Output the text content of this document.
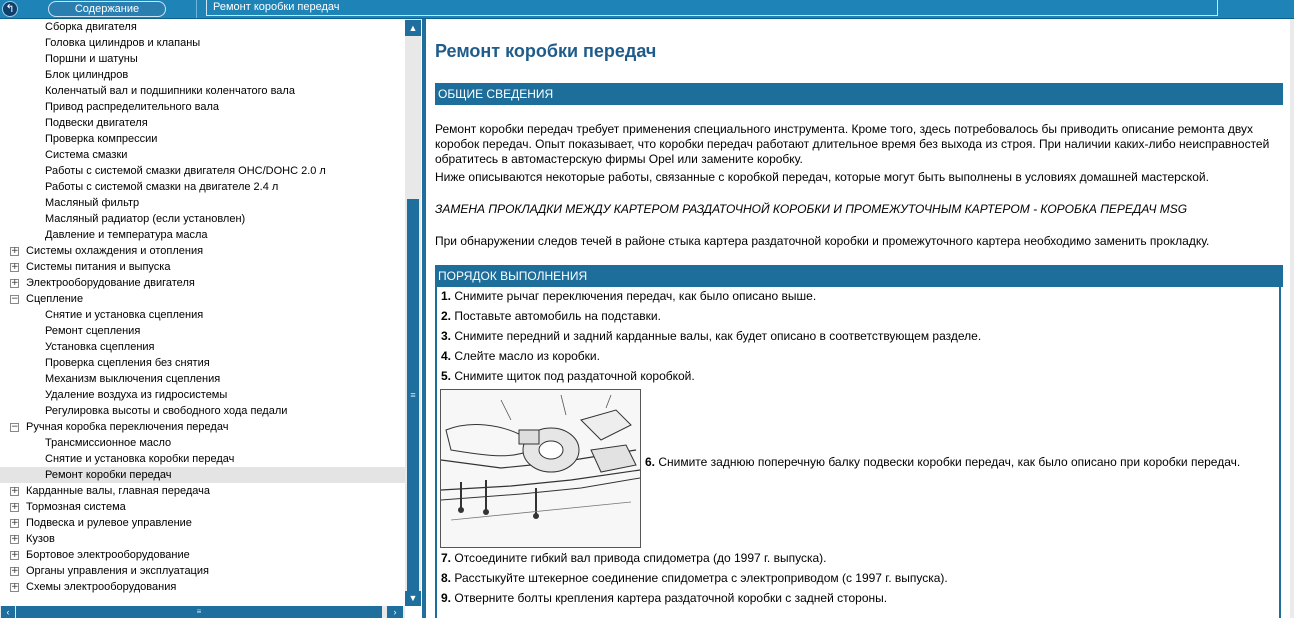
↰	Содержание	Ремонт коробки передач
Сборка двигателя
Головка цилиндров и клапаны
Поршни и шатуны
Блок цилиндров
Коленчатый вал и подшипники коленчатого вала
Привод распределительного вала
Подвески двигателя
Проверка компрессии
Система смазки
Работы с системой смазки двигателя OHC/DOHC 2.0 л
Работы с системой смазки на двигателе 2.4 л
Масляный фильтр
Масляный радиатор (если установлен)
Давление и температура масла
+ Системы охлаждения и отопления
+ Системы питания и выпуска
+ Электрооборудование двигателя
− Сцепление
Снятие и установка сцепления
Ремонт сцепления
Установка сцепления
Проверка сцепления без снятия
Механизм выключения сцепления
Удаление воздуха из гидросистемы
Регулировка высоты и свободного хода педали
− Ручная коробка переключения передач
Трансмиссионное масло
Снятие и установка коробки передач
Ремонт коробки передач
+ Карданные валы, главная передача
+ Тормозная система
+ Подвеска и рулевое управление
+ Кузов
+ Бортовое электрооборудование
+ Органы управления и эксплуатация
+ Схемы электрооборудования
▲
≡
▼
‹	≡	›
Ремонт коробки передач
ОБЩИЕ СВЕДЕНИЯ
Ремонт коробки передач требует применения специального инструмента. Кроме того, здесь потребовалось бы приводить описание ремонта двух коробок передач. Опыт показывает, что коробки передач работают длительное время без выхода из строя. При наличии каких-либо неисправностей обратитесь в автомастерскую фирмы Opel или замените коробку.
Ниже описываются некоторые работы, связанные с коробкой передач, которые могут быть выполнены в условиях домашней мастерской.
ЗАМЕНА ПРОКЛАДКИ МЕЖДУ КАРТЕРОМ РАЗДАТОЧНОЙ КОРОБКИ И ПРОМЕЖУТОЧНЫМ КАРТЕРОМ - КОРОБКА ПЕРЕДАЧ MSG
При обнаружении следов течей в районе стыка картера раздаточной коробки и промежуточного картера необходимо заменить прокладку.
ПОРЯДОК ВЫПОЛНЕНИЯ
1. Снимите рычаг переключения передач, как было описано выше.
2. Поставьте автомобиль на подставки.
3. Снимите передний и задний карданные валы, как будет описано в соответствующем разделе.
4. Слейте масло из коробки.
5. Снимите щиток под раздаточной коробкой.
6. Снимите заднюю поперечную балку подвески коробки передач, как было описано при коробки передач.
7. Отсоедините гибкий вал привода спидометра (до 1997 г. выпуска).
8. Расстыкуйте штекерное соединение спидометра с электроприводом (с 1997 г. выпуска).
9. Отверните болты крепления картера раздаточной коробки с задней стороны.
